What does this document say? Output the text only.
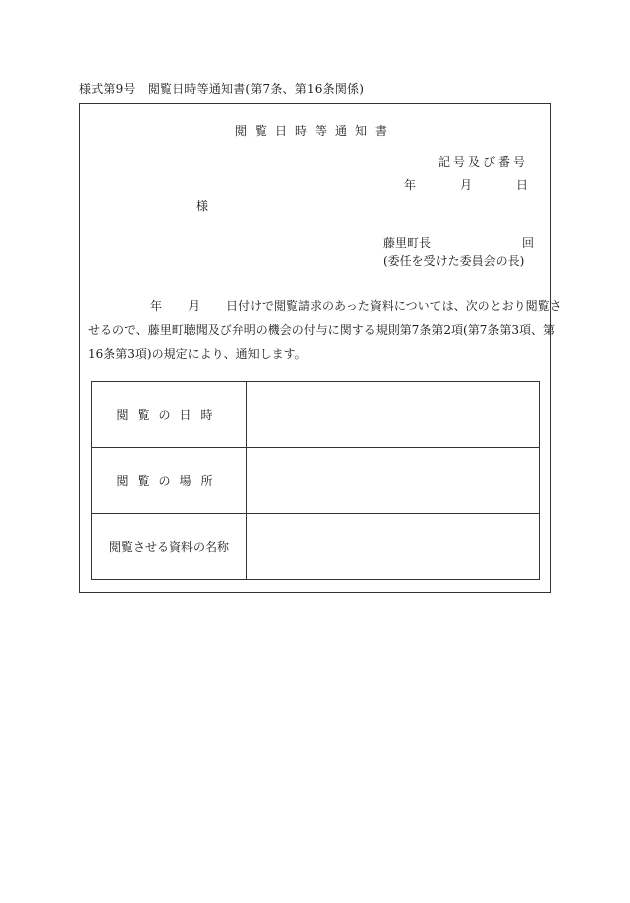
様式第9号　閲覧日時等通知書(第7条、第16条関係)
閲覧日時等通知書
記号及び番号
年	月	日
様
藤里町長	回
(委任を受けた委員会の長)
年 月 日付けで閲覧請求のあった資料については、次のとおり閲覧さ
せるので、藤里町聴聞及び弁明の機会の付与に関する規則第7条第2項(第7条第3項、第
16条第3項)の規定により、通知します。
閲覧の日時	
閲覧の場所	
閲覧させる資料の名称	
